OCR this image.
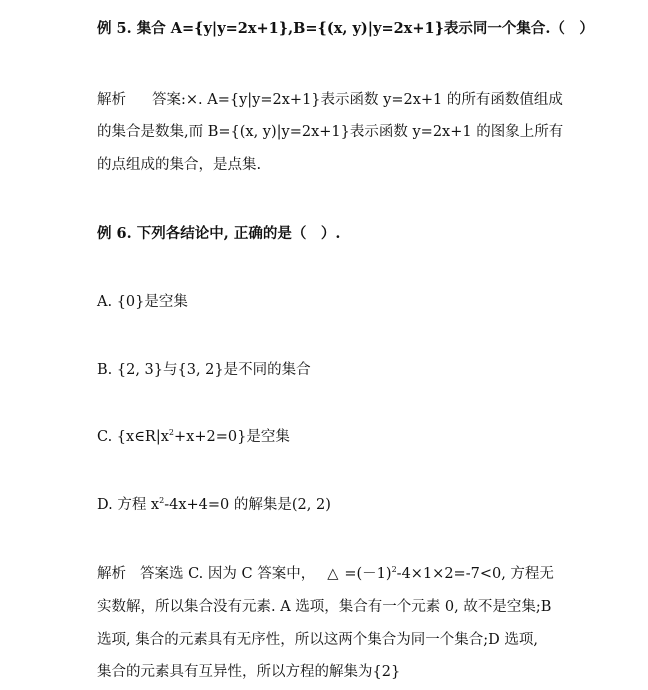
例 5. 集合 A={y|y=2x+1},B={(x, y)|y=2x+1}表示同一个集合.（　）
解析 答案:×. A={y|y=2x+1}表示函数 y=2x+1 的所有函数值组成
的集合是数集,而 B={(x, y)|y=2x+1}表示函数 y=2x+1 的图象上所有
的点组成的集合，是点集.
例 6. 下列各结论中, 正确的是（　）.
A. {0}是空集
B. {2, 3}与{3, 2}是不同的集合
C. $\{x\in R|x^2+x+2=0\}$是空集
D. 方程 $x^2-4x+4=0$ 的解集是(2, 2)
解析 答案选 C. 因为 C 答案中， △ $=(-1)^2-4\times 1\times 2=-7<0$, 方程无
实数解，所以集合没有元素. A 选项，集合有一个元素 0, 故不是空集;B
选项, 集合的元素具有无序性，所以这两个集合为同一个集合;D 选项,
集合的元素具有互异性，所以方程的解集为{2}
